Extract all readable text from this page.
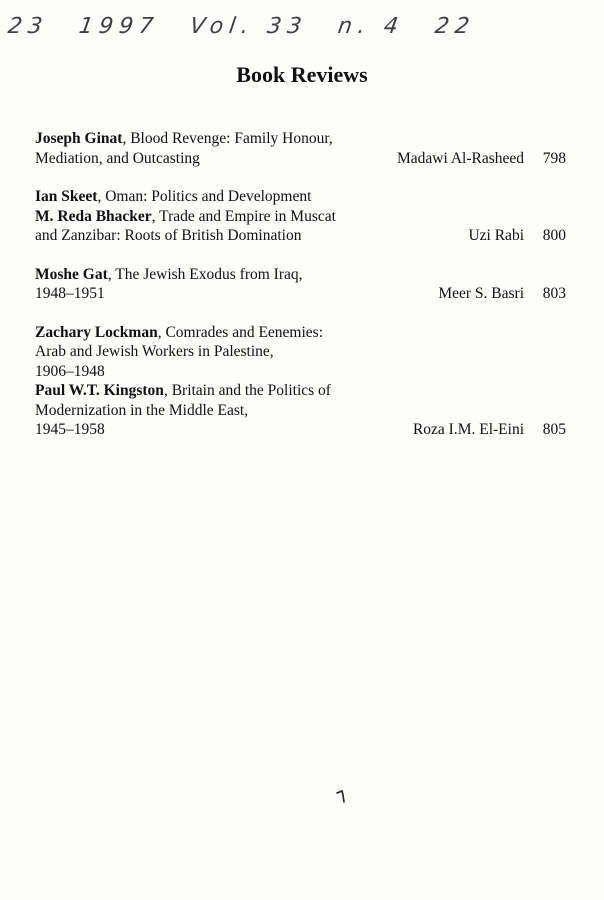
23 1997 Vol. 33 n. 4 22
Book Reviews
Joseph Ginat, Blood Revenge: Family Honour,
Mediation, and Outcasting	Madawi Al-Rasheed	798
Ian Skeet, Oman: Politics and Development
M. Reda Bhacker, Trade and Empire in Muscat
and Zanzibar: Roots of British Domination	Uzi Rabi	800
Moshe Gat, The Jewish Exodus from Iraq,
1948–1951	Meer S. Basri	803
Zachary Lockman, Comrades and Eenemies:
Arab and Jewish Workers in Palestine,
1906–1948
Paul W.T. Kingston, Britain and the Politics of
Modernization in the Middle East,
1945–1958	Roza I.M. El-Eini	805
